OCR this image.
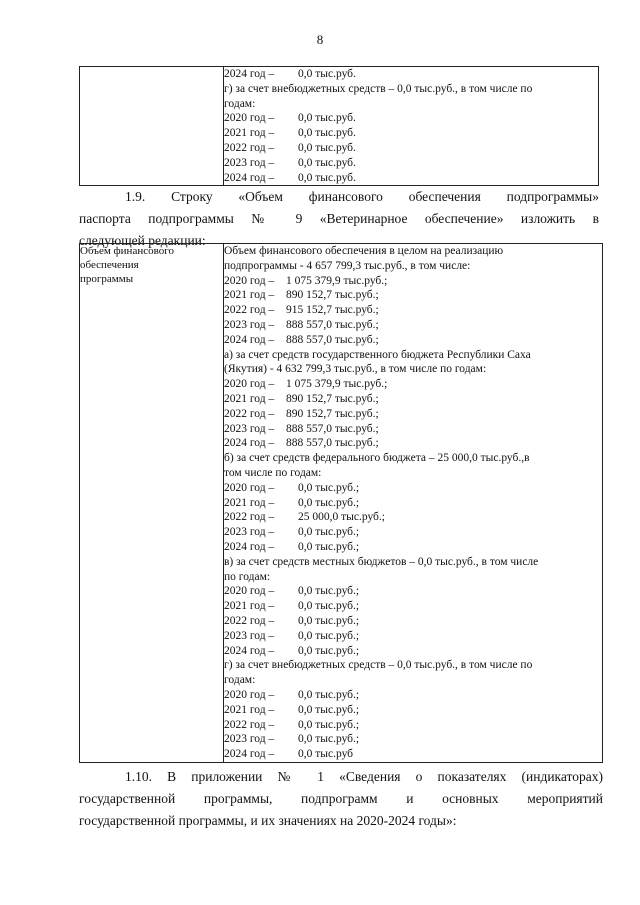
8

2024 год – 0,0 тыс.руб.
г) за счет внебюджетных средств – 0,0 тыс.руб., в том числе по
годам:
2020 год – 0,0 тыс.руб.
2021 год – 0,0 тыс.руб.
2022 год – 0,0 тыс.руб.
2023 год – 0,0 тыс.руб.
2024 год – 0,0 тыс.руб.
1.9. Строку «Объем финансового обеспечения подпрограммы»
паспорта подпрограммы № 9 «Ветеринарное обеспечение» изложить в
следующей редакции:
Объем финансового
обеспечения
программы

Объем финансового обеспечения в целом на реализацию
подпрограммы - 4 657 799,3 тыс.руб., в том числе:
2020 год – 1 075 379,9 тыс.руб.;
2021 год – 890 152,7 тыс.руб.;
2022 год – 915 152,7 тыс.руб.;
2023 год – 888 557,0 тыс.руб.;
2024 год – 888 557,0 тыс.руб.;
а) за счет средств государственного бюджета Республики Саха
(Якутия) - 4 632 799,3 тыс.руб., в том числе по годам:
2020 год – 1 075 379,9 тыс.руб.;
2021 год – 890 152,7 тыс.руб.;
2022 год – 890 152,7 тыс.руб.;
2023 год – 888 557,0 тыс.руб.;
2024 год – 888 557,0 тыс.руб.;
б) за счет средств федерального бюджета – 25 000,0 тыс.руб.,в
том числе по годам:
2020 год – 0,0 тыс.руб.;
2021 год – 0,0 тыс.руб.;
2022 год – 25 000,0 тыс.руб.;
2023 год – 0,0 тыс.руб.;
2024 год – 0,0 тыс.руб.;
в) за счет средств местных бюджетов – 0,0 тыс.руб., в том числе
по годам:
2020 год – 0,0 тыс.руб.;
2021 год – 0,0 тыс.руб.;
2022 год – 0,0 тыс.руб.;
2023 год – 0,0 тыс.руб.;
2024 год – 0,0 тыс.руб.;
г) за счет внебюджетных средств – 0,0 тыс.руб., в том числе по
годам:
2020 год – 0,0 тыс.руб.;
2021 год – 0,0 тыс.руб.;
2022 год – 0,0 тыс.руб.;
2023 год – 0,0 тыс.руб.;
2024 год – 0,0 тыс.руб
1.10. В приложении № 1 «Сведения о показателях (индикаторах)
государственной программы, подпрограмм и основных мероприятий
государственной программы, и их значениях на 2020-2024 годы»:
